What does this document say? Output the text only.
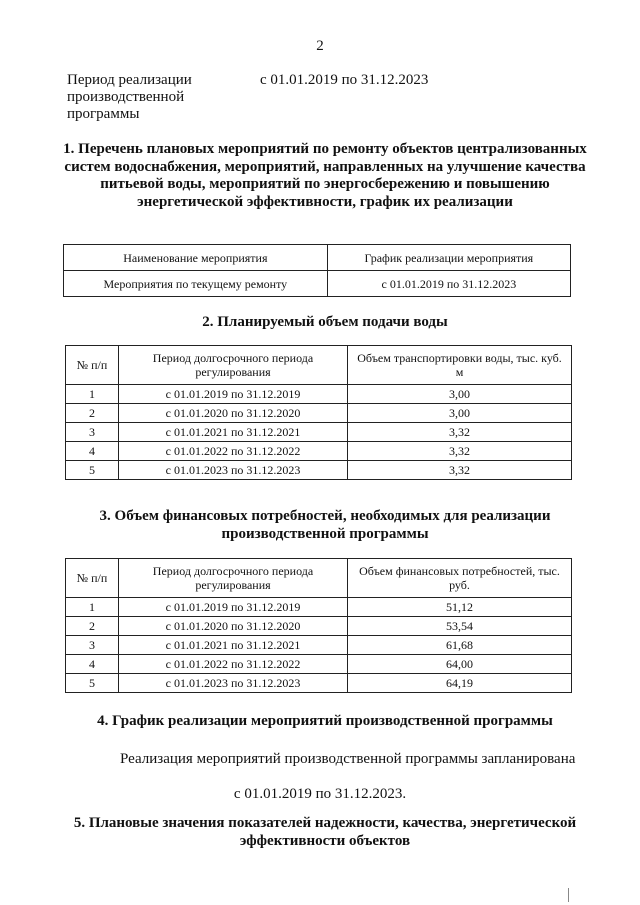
2
Период реализации производственной программы
с 01.01.2019 по 31.12.2023
1. Перечень плановых мероприятий по ремонту объектов централизованных систем водоснабжения, мероприятий, направленных на улучшение качества питьевой воды, мероприятий по энергосбережению и повышению энергетической эффективности, график их реализации
Наименование мероприятия	График реализации мероприятия
Мероприятия по текущему ремонту	с 01.01.2019 по 31.12.2023
2. Планируемый объем подачи воды
№ п/п	Период долгосрочного периода регулирования	Объем транспортировки воды, тыс. куб. м
1	с 01.01.2019 по 31.12.2019	3,00
2	с 01.01.2020 по 31.12.2020	3,00
3	с 01.01.2021 по 31.12.2021	3,32
4	с 01.01.2022 по 31.12.2022	3,32
5	с 01.01.2023 по 31.12.2023	3,32
3. Объем финансовых потребностей, необходимых для реализации производственной программы
№ п/п	Период долгосрочного периода регулирования	Объем финансовых потребностей, тыс. руб.
1	с 01.01.2019 по 31.12.2019	51,12
2	с 01.01.2020 по 31.12.2020	53,54
3	с 01.01.2021 по 31.12.2021	61,68
4	с 01.01.2022 по 31.12.2022	64,00
5	с 01.01.2023 по 31.12.2023	64,19
4. График реализации мероприятий производственной программы
Реализация мероприятий производственной программы запланирована
с 01.01.2019 по 31.12.2023.
5. Плановые значения показателей надежности, качества, энергетической эффективности объектов
